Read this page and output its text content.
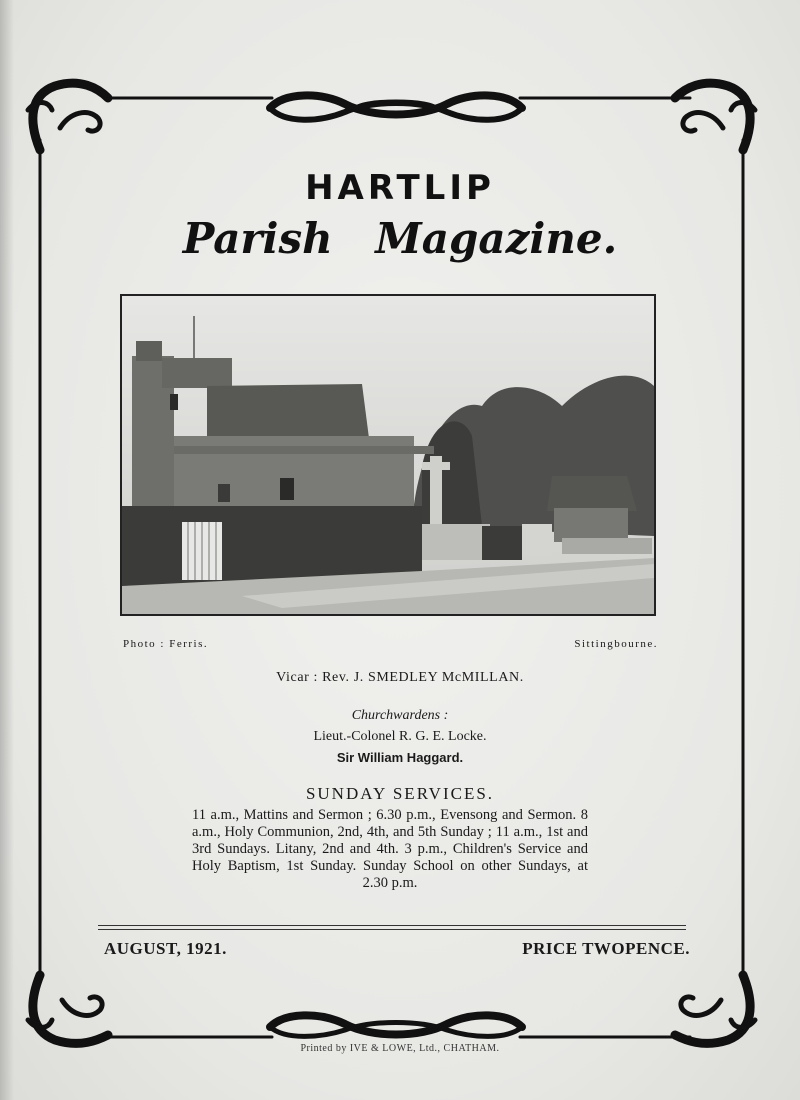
HARTLIP
Parish Magazine.
Photo : Ferris.	Sittingbourne.
Vicar : Rev. J. SMEDLEY McMILLAN.
Churchwardens :
Lieut.-Colonel R. G. E. Locke.
Sir William Haggard.
SUNDAY SERVICES.
11 a.m., Mattins and Sermon ; 6.30 p.m., Evensong and Sermon. 8 a.m., Holy Communion, 2nd, 4th, and 5th Sunday ; 11 a.m., 1st and 3rd Sundays. Litany, 2nd and 4th. 3 p.m., Children's Service and Holy Baptism, 1st Sunday. Sunday School on other Sundays, at 2.30 p.m.
AUGUST, 1921.	PRICE TWOPENCE.
Printed by IVE & LOWE, Ltd., CHATHAM.
